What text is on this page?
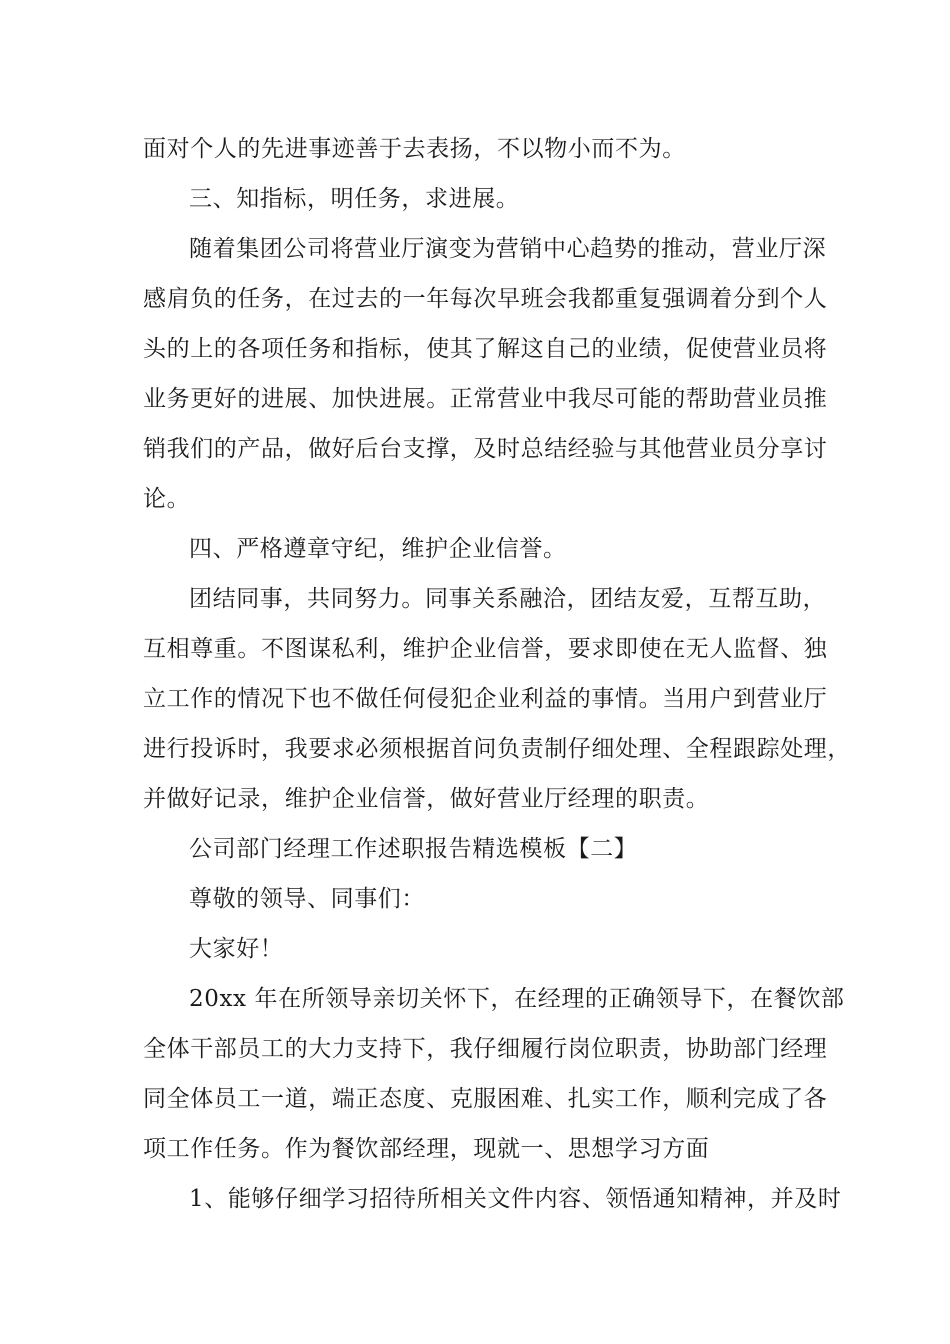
面对个人的先进事迹善于去表扬，不以物小而不为。

三、知指标，明任务，求进展。

随着集团公司将营业厅演变为营销中心趋势的推动，营业厅深

感肩负的任务，在过去的一年每次早班会我都重复强调着分到个人

头的上的各项任务和指标，使其了解这自己的业绩，促使营业员将

业务更好的进展、加快进展。正常营业中我尽可能的帮助营业员推

销我们的产品，做好后台支撑，及时总结经验与其他营业员分享讨

论。

四、严格遵章守纪，维护企业信誉。

团结同事，共同努力。同事关系融洽，团结友爱，互帮互助，

互相尊重。不图谋私利，维护企业信誉，要求即使在无人监督、独

立工作的情况下也不做任何侵犯企业利益的事情。当用户到营业厅

进行投诉时，我要求必须根据首问负责制仔细处理、全程跟踪处理，

并做好记录，维护企业信誉，做好营业厅经理的职责。

公司部门经理工作述职报告精选模板【二】

尊敬的领导、同事们：

大家好！

20xx 年在所领导亲切关怀下，在经理的正确领导下，在餐饮部

全体干部员工的大力支持下，我仔细履行岗位职责，协助部门经理

同全体员工一道，端正态度、克服困难、扎实工作，顺利完成了各

项工作任务。作为餐饮部经理，现就一、思想学习方面

1、能够仔细学习招待所相关文件内容、领悟通知精神，并及时
